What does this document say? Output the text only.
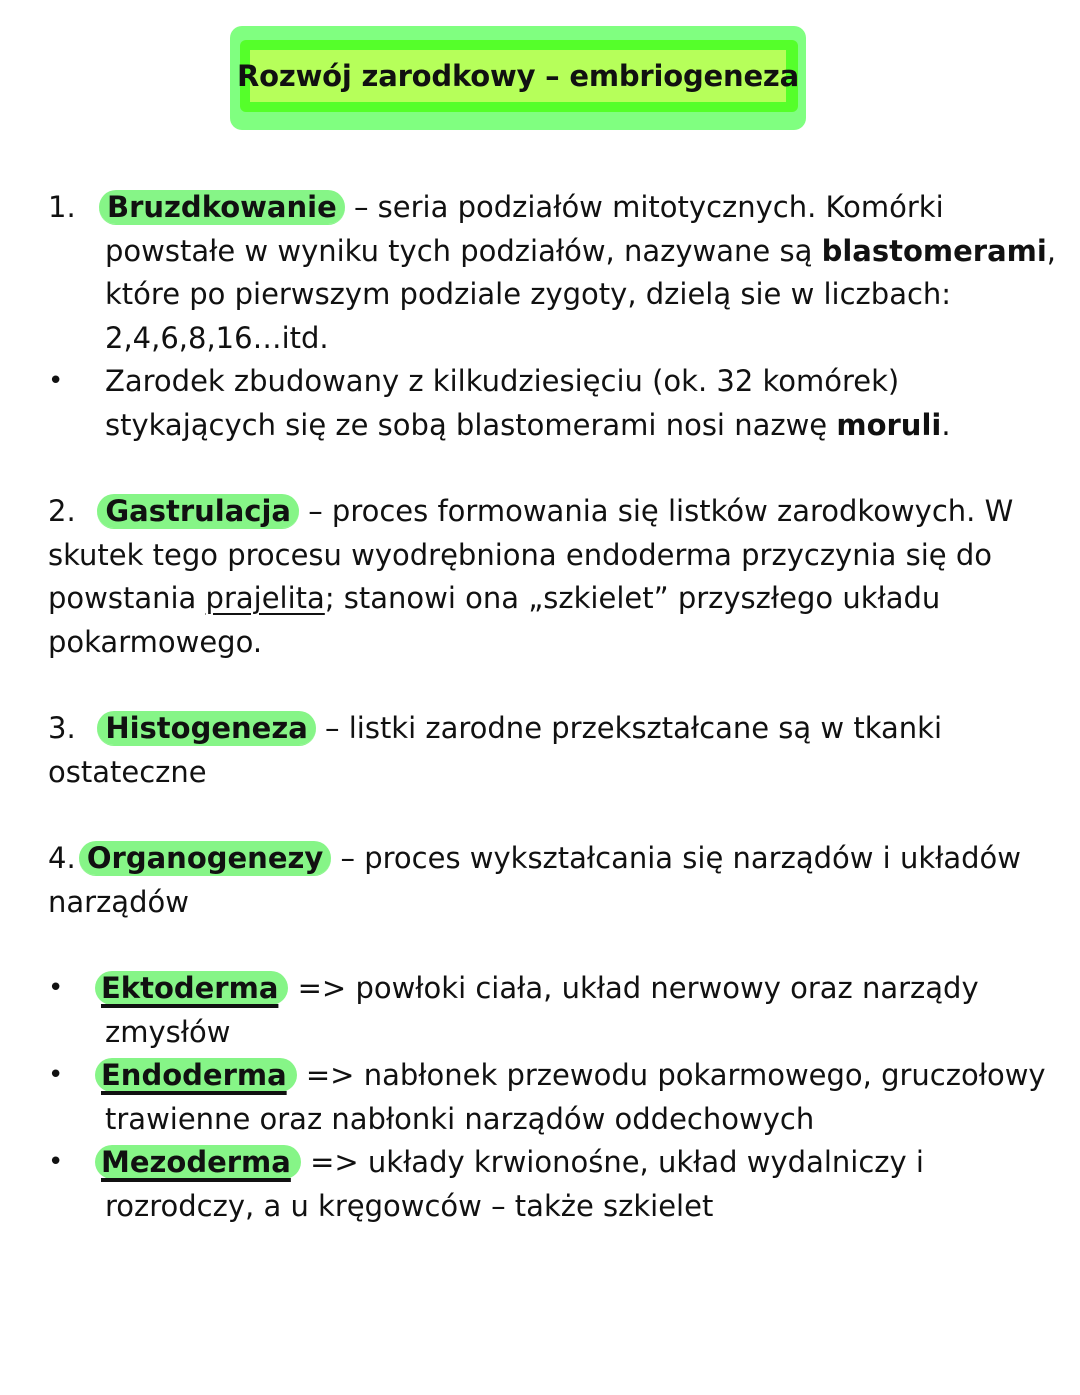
Rozwój zarodkowy – embriogeneza
1. Bruzdkowanie – seria podziałów mitotycznych. Komórki
powstałe w wyniku tych podziałów, nazywane są blastomerami,
które po pierwszym podziale zygoty, dzielą sie w liczbach:
2,4,6,8,16…itd.
• Zarodek zbudowany z kilkudziesięciu (ok. 32 komórek)
stykających się ze sobą blastomerami nosi nazwę moruli.

2. Gastrulacja – proces formowania się listków zarodkowych. W skutek tego procesu wyodrębniona endoderma przyczynia się do powstania prajelita; stanowi ona „szkielet” przyszłego układu pokarmowego.

3. Histogeneza – listki zarodne przekształcane są w tkanki ostateczne

4. Organogenezy – proces wykształcania się narządów i układów narządów

• Ektoderma => powłoki ciała, układ nerwowy oraz narządy zmysłów
• Endoderma => nabłonek przewodu pokarmowego, gruczołowy trawienne oraz nabłonki narządów oddechowych
• Mezoderma => układy krwionośne, układ wydalniczy i rozrodczy, a u kręgowców – także szkielet
